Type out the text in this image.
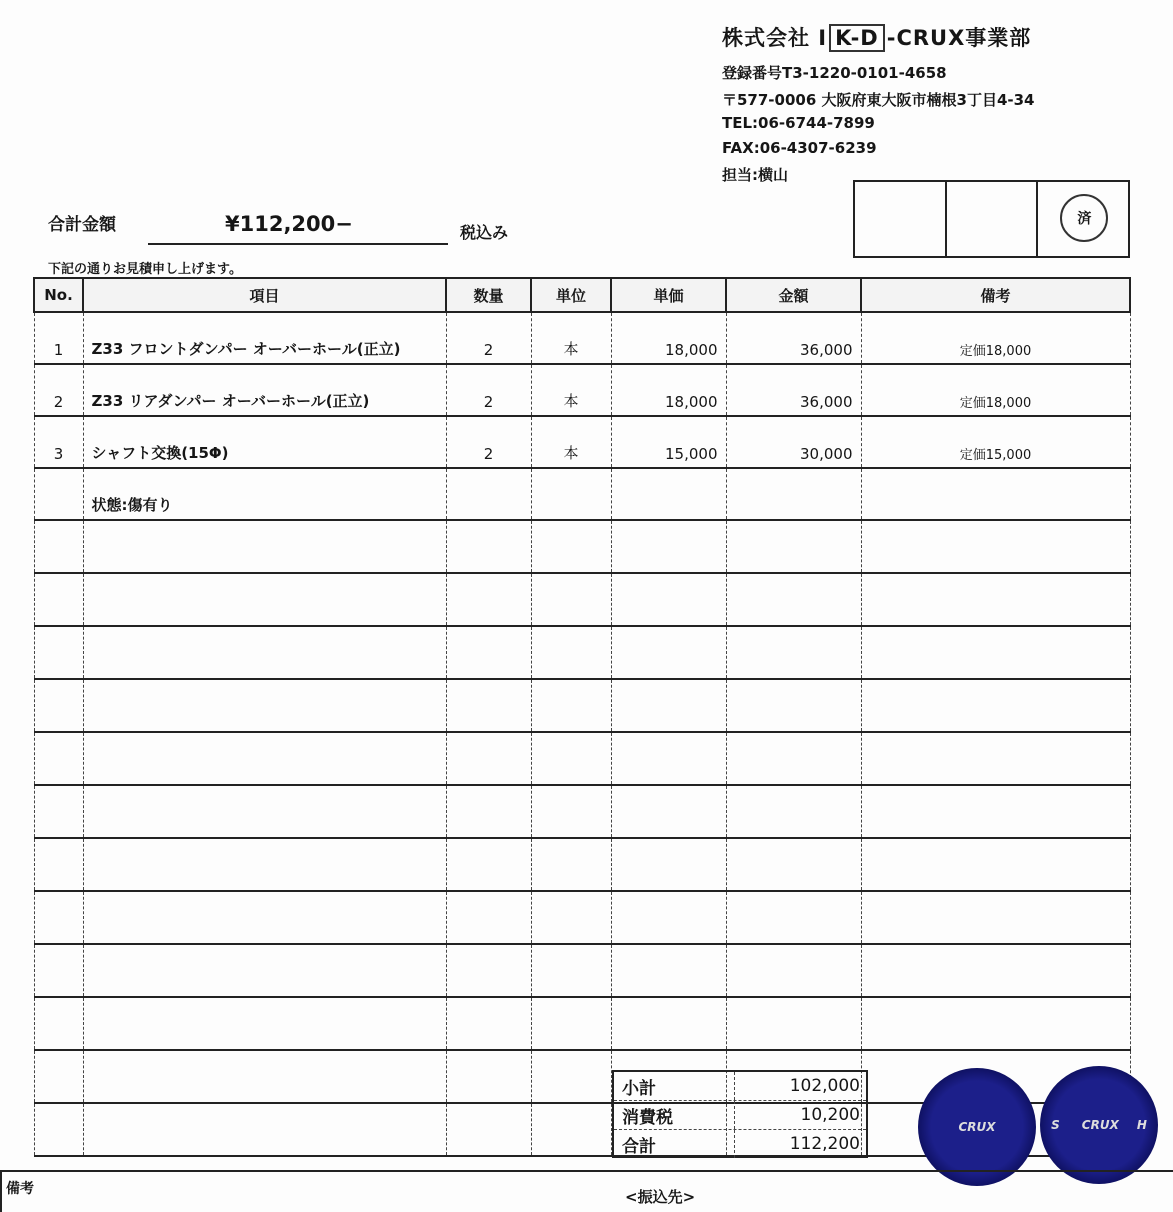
株式会社 I K-D -CRUX事業部
登録番号T3-1220-0101-4658
〒577-0006 大阪府東大阪市楠根3丁目4-34
TEL:06-6744-7899
FAX:06-4307-6239
担当:横山
済
合計金額	¥112,200−	税込み
下記の通りお見積申し上げます。
No.	項目	数量	単位	単価	金額	備考
1	Z33 フロントダンパー オーバーホール(正立)	2	本	18,000	36,000	定価18,000
2	Z33 リアダンパー オーバーホール(正立)	2	本	18,000	36,000	定価18,000
3	シャフト交換(15Φ)	2	本	15,000	30,000	定価15,000
	状態:傷有り					

小計	102,000
消費税	10,200
合計	112,200
CRUX	S CRUX H
備考	<振込先>
